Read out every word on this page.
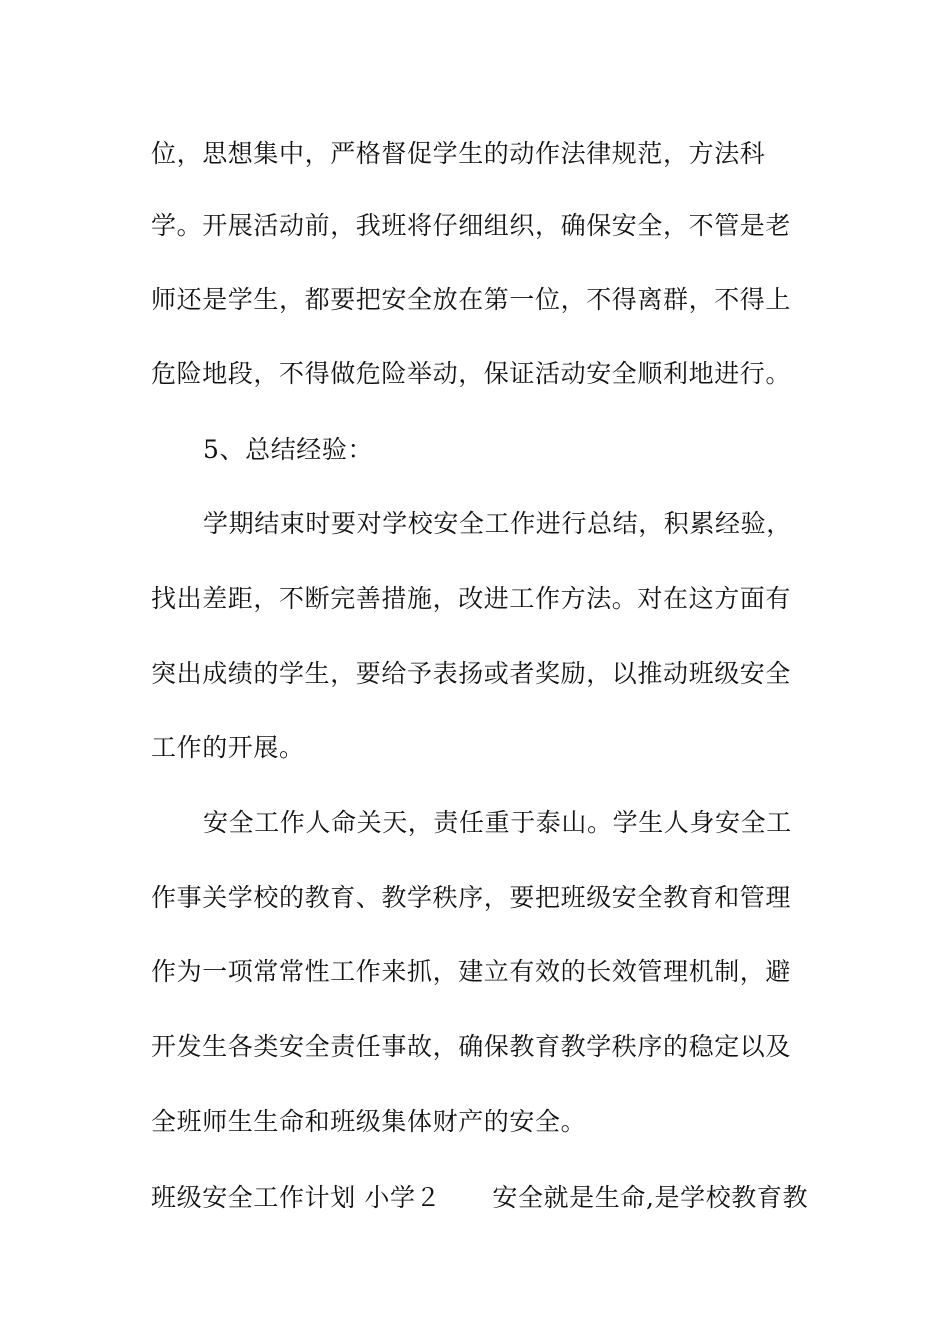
位，思想集中，严格督促学生的动作法律规范，方法科
学。开展活动前，我班将仔细组织，确保安全，不管是老
师还是学生，都要把安全放在第一位，不得离群，不得上
危险地段，不得做危险举动，保证活动安全顺利地进行。
5、总结经验：
学期结束时要对学校安全工作进行总结，积累经验，
找出差距，不断完善措施，改进工作方法。对在这方面有
突出成绩的学生，要给予表扬或者奖励，以推动班级安全
工作的开展。
安全工作人命关天，责任重于泰山。学生人身安全工
作事关学校的教育、教学秩序，要把班级安全教育和管理
作为一项常常性工作来抓，建立有效的长效管理机制，避
开发生各类安全责任事故，确保教育教学秩序的稳定以及
全班师生生命和班级集体财产的安全。
班级安全工作计划 小学２　　安全就是生命,是学校教育教
